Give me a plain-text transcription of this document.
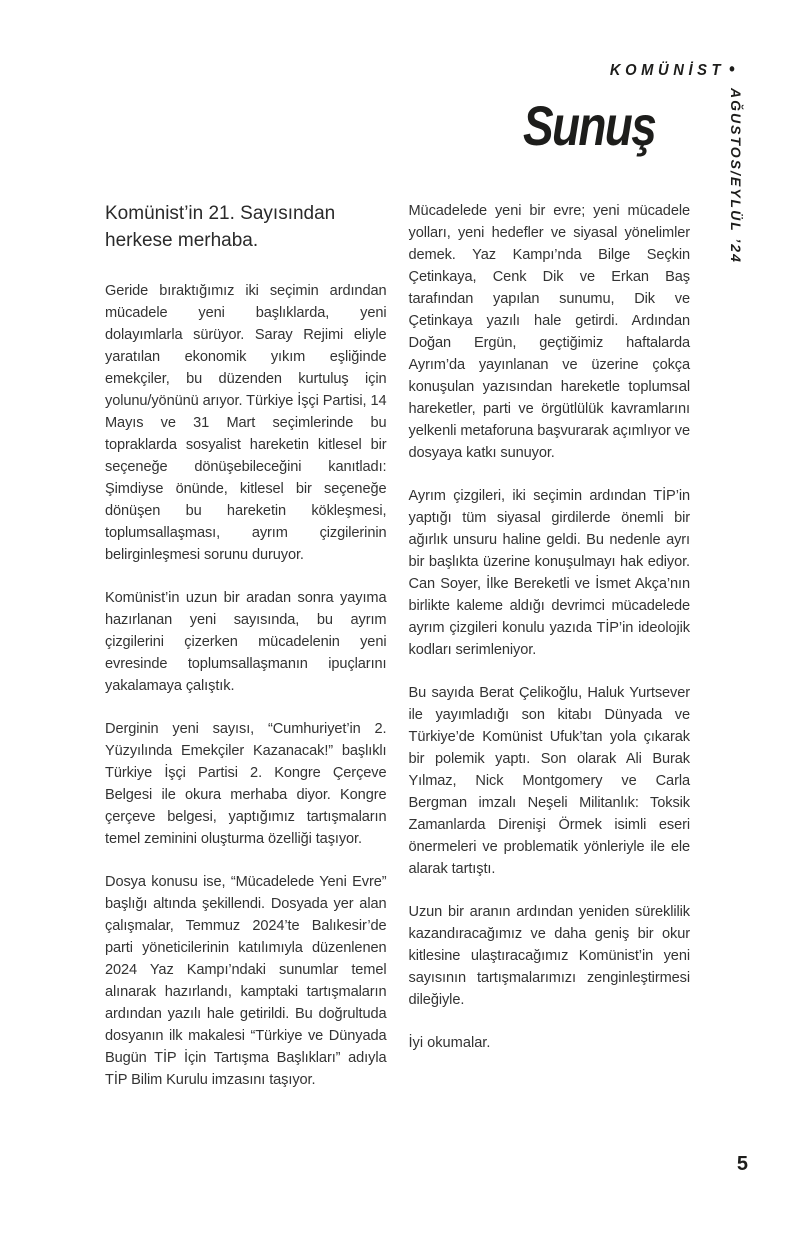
KOMÜNİST •
AĞUSTOS/EYLÜL ’24
Sunuş

Komünist’in 21. Sayısından herkese merhaba.

Geride bıraktığımız iki seçimin ardından mücadele yeni başlıklarda, yeni dolayımlarla sürüyor. Saray Rejimi eliyle yaratılan ekonomik yıkım eşliğinde emekçiler, bu düzenden kurtuluş için yolunu/yönünü arıyor. Türkiye İşçi Partisi, 14 Mayıs ve 31 Mart seçimlerinde bu topraklarda sosyalist hareketin kitlesel bir seçeneğe dönüşebileceğini kanıtladı: Şimdiyse önünde, kitlesel bir seçeneğe dönüşen bu hareketin kökleşmesi, toplumsallaşması, ayrım çizgilerinin belirginleşmesi sorunu duruyor.

Komünist’in uzun bir aradan sonra yayıma hazırlanan yeni sayısında, bu ayrım çizgilerini çizerken mücadelenin yeni evresinde toplumsallaşmanın ipuçlarını yakalamaya çalıştık.

Derginin yeni sayısı, “Cumhuriyet’in 2. Yüzyılında Emekçiler Kazanacak!” başlıklı Türkiye İşçi Partisi 2. Kongre Çerçeve Belgesi ile okura merhaba diyor. Kongre çerçeve belgesi, yaptığımız tartışmaların temel zeminini oluşturma özelliği taşıyor.

Dosya konusu ise, “Mücadelede Yeni Evre” başlığı altında şekillendi. Dosyada yer alan çalışmalar, Temmuz 2024’te Balıkesir’de parti yöneticilerinin katılımıyla düzenlenen 2024 Yaz Kampı’ndaki sunumlar temel alınarak hazırlandı, kamptaki tartışmaların ardından yazılı hale getirildi. Bu doğrultuda dosyanın ilk makalesi “Türkiye ve Dünyada Bugün TİP İçin Tartışma Başlıkları” adıyla TİP Bilim Kurulu imzasını taşıyor.

Mücadelede yeni bir evre; yeni mücadele yolları, yeni hedefler ve siyasal yönelimler demek. Yaz Kampı’nda Bilge Seçkin Çetinkaya, Cenk Dik ve Erkan Baş tarafından yapılan sunumu, Dik ve Çetinkaya yazılı hale getirdi. Ardından Doğan Ergün, geçtiğimiz haftalarda Ayrım’da yayınlanan ve üzerine çokça konuşulan yazısından hareketle toplumsal hareketler, parti ve örgütlülük kavramlarını yelkenli metaforuna başvurarak açımlıyor ve dosyaya katkı sunuyor.

Ayrım çizgileri, iki seçimin ardından TİP’in yaptığı tüm siyasal girdilerde önemli bir ağırlık unsuru haline geldi. Bu nedenle ayrı bir başlıkta üzerine konuşulmayı hak ediyor. Can Soyer, İlke Bereketli ve İsmet Akça’nın birlikte kaleme aldığı devrimci mücadelede ayrım çizgileri konulu yazıda TİP’in ideolojik kodları serimleniyor.

Bu sayıda Berat Çelikoğlu, Haluk Yurtsever ile yayımladığı son kitabı Dünyada ve Türkiye’de Komünist Ufuk’tan yola çıkarak bir polemik yaptı. Son olarak Ali Burak Yılmaz, Nick Montgomery ve Carla Bergman imzalı Neşeli Militanlık: Toksik Zamanlarda Direnişi Örmek isimli eseri önermeleri ve problematik yönleriyle ile ele alarak tartıştı.

Uzun bir aranın ardından yeniden süreklilik kazandıracağımız ve daha geniş bir okur kitlesine ulaştıracağımız Komünist’in yeni sayısının tartışmalarımızı zenginleştirmesi dileğiyle.

İyi okumalar.

5
